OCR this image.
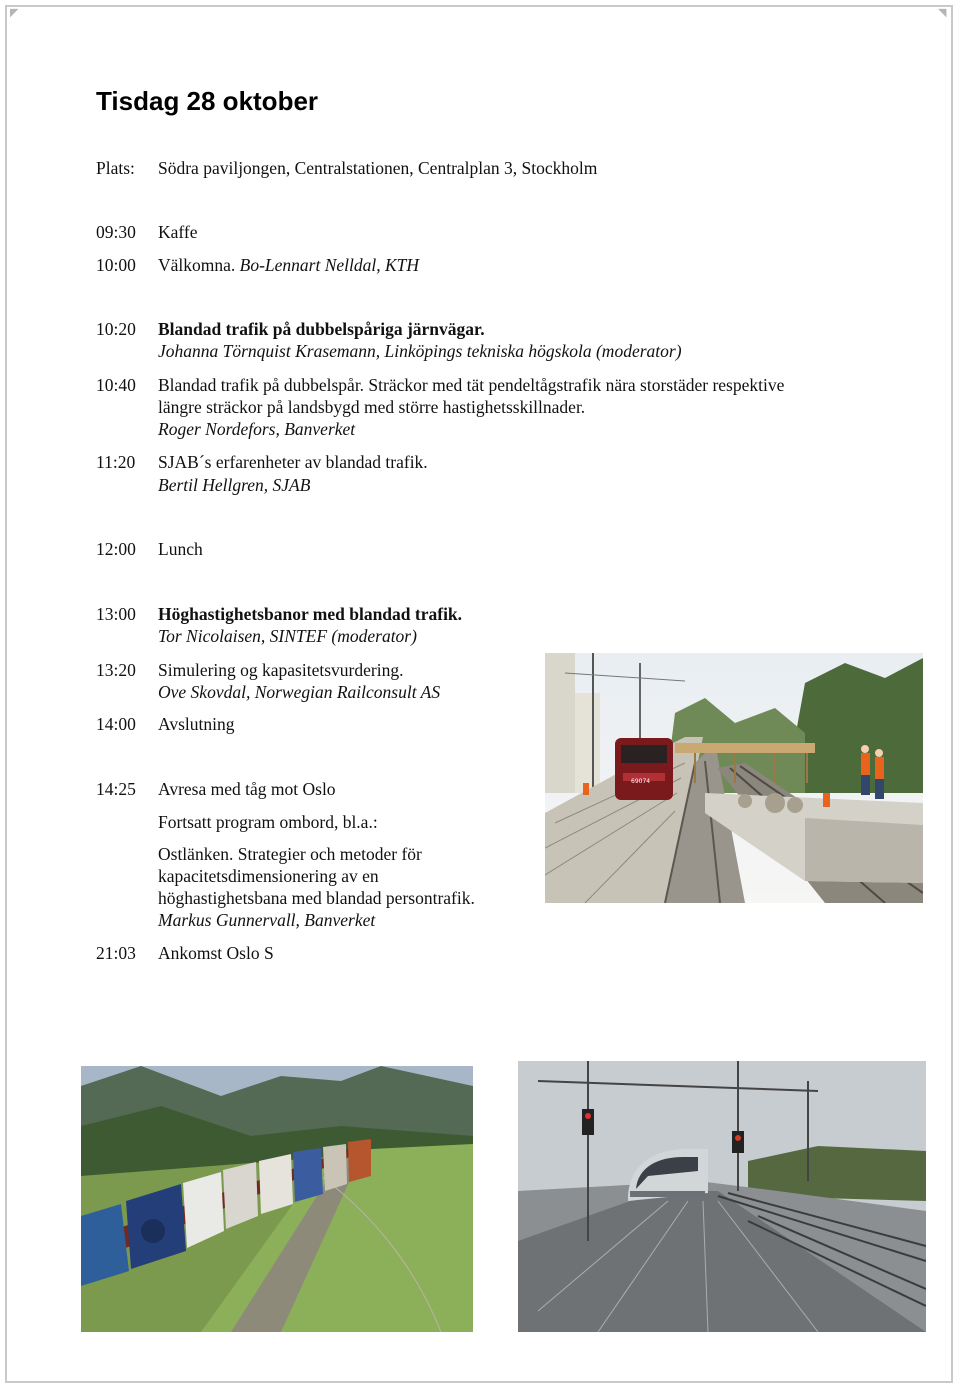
◤	◥
Tisdag 28 oktober
Plats:	Södra paviljongen, Centralstationen, Centralplan 3, Stockholm
09:30	Kaffe
10:00	Välkomna. Bo-Lennart Nelldal, KTH
10:20	Blandad trafik på dubbelspåriga järnvägar.
Johanna Törnquist Krasemann, Linköpings tekniska högskola (moderator)
10:40	Blandad trafik på dubbelspår. Sträckor med tät pendeltågstrafik nära storstäder respektive
längre sträckor på landsbygd med större hastighetsskillnader.
Roger Nordefors, Banverket
11:20	SJAB´s erfarenheter av blandad trafik.
Bertil Hellgren, SJAB
12:00	Lunch
13:00	Höghastighetsbanor med blandad trafik.
Tor Nicolaisen, SINTEF (moderator)
13:20	Simulering og kapasitetsvurdering.
Ove Skovdal, Norwegian Railconsult AS
14:00	Avslutning
14:25	Avresa med tåg mot Oslo
Fortsatt program ombord, bl.a.:
Ostlänken. Strategier och metoder för
kapacitetsdimensionering av en
höghastighetsbana med blandad persontrafik.
Markus Gunnervall, Banverket
21:03	Ankomst Oslo S
69074
